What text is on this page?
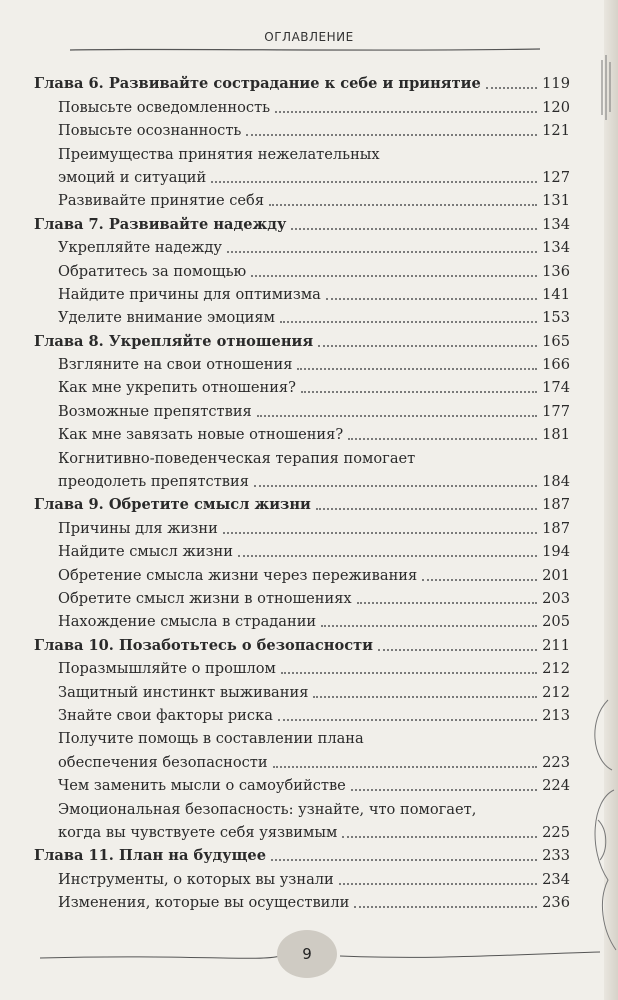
ОГЛАВЛЕНИЕ
Глава 6. Развивайте сострадание к себе и принятие	119
Повысьте осведомленность	120
Повысьте осознанность	121
Преимущества принятия нежелательных
эмоций и ситуаций	127
Развивайте принятие себя	131
Глава 7. Развивайте надежду	134
Укрепляйте надежду	134
Обратитесь за помощью	136
Найдите причины для оптимизма	141
Уделите внимание эмоциям	153
Глава 8. Укрепляйте отношения	165
Взгляните на свои отношения	166
Как мне укрепить отношения?	174
Возможные препятствия	177
Как мне завязать новые отношения?	181
Когнитивно-поведенческая терапия помогает
преодолеть препятствия	184
Глава 9. Обретите смысл жизни	187
Причины для жизни	187
Найдите смысл жизни	194
Обретение смысла жизни через переживания	201
Обретите смысл жизни в отношениях	203
Нахождение смысла в страдании	205
Глава 10. Позаботьтесь о безопасности	211
Поразмышляйте о прошлом	212
Защитный инстинкт выживания	212
Знайте свои факторы риска	213
Получите помощь в составлении плана
обеспечения безопасности	223
Чем заменить мысли о самоубийстве	224
Эмоциональная безопасность: узнайте, что помогает,
когда вы чувствуете себя уязвимым	225
Глава 11. План на будущее	233
Инструменты, о которых вы узнали	234
Изменения, которые вы осуществили	236
9
